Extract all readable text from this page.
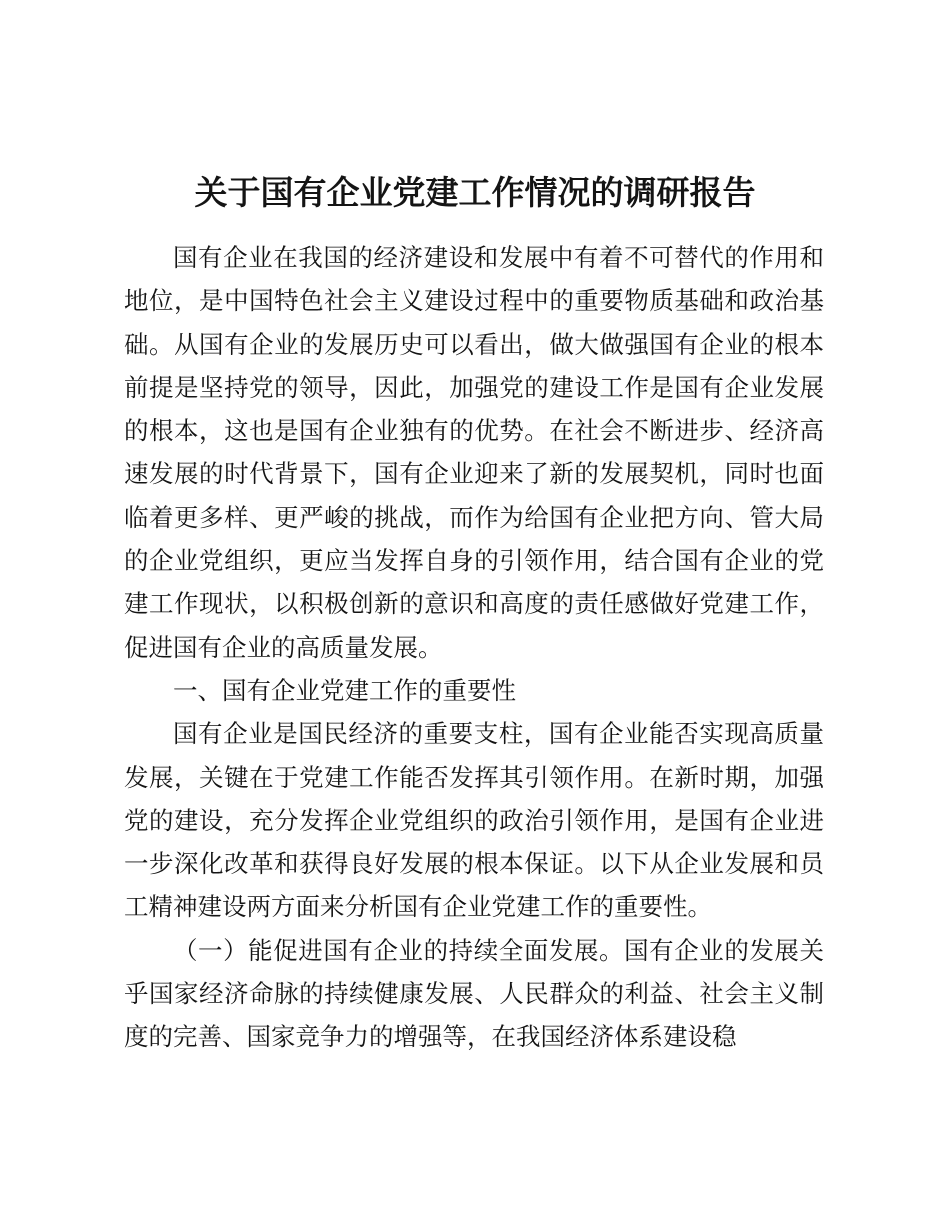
关于国有企业党建工作情况的调研报告

国有企业在我国的经济建设和发展中有着不可替代的作用和地位，是中国特色社会主义建设过程中的重要物质基础和政治基础。从国有企业的发展历史可以看出，做大做强国有企业的根本前提是坚持党的领导，因此，加强党的建设工作是国有企业发展的根本，这也是国有企业独有的优势。在社会不断进步、经济高速发展的时代背景下，国有企业迎来了新的发展契机，同时也面临着更多样、更严峻的挑战，而作为给国有企业把方向、管大局的企业党组织，更应当发挥自身的引领作用，结合国有企业的党建工作现状，以积极创新的意识和高度的责任感做好党建工作，促进国有企业的高质量发展。

一、国有企业党建工作的重要性

国有企业是国民经济的重要支柱，国有企业能否实现高质量发展，关键在于党建工作能否发挥其引领作用。在新时期，加强党的建设，充分发挥企业党组织的政治引领作用，是国有企业进一步深化改革和获得良好发展的根本保证。以下从企业发展和员工精神建设两方面来分析国有企业党建工作的重要性。

（一）能促进国有企业的持续全面发展。国有企业的发展关乎国家经济命脉的持续健康发展、人民群众的利益、社会主义制度的完善、国家竞争力的增强等，在我国经济体系建设稳
